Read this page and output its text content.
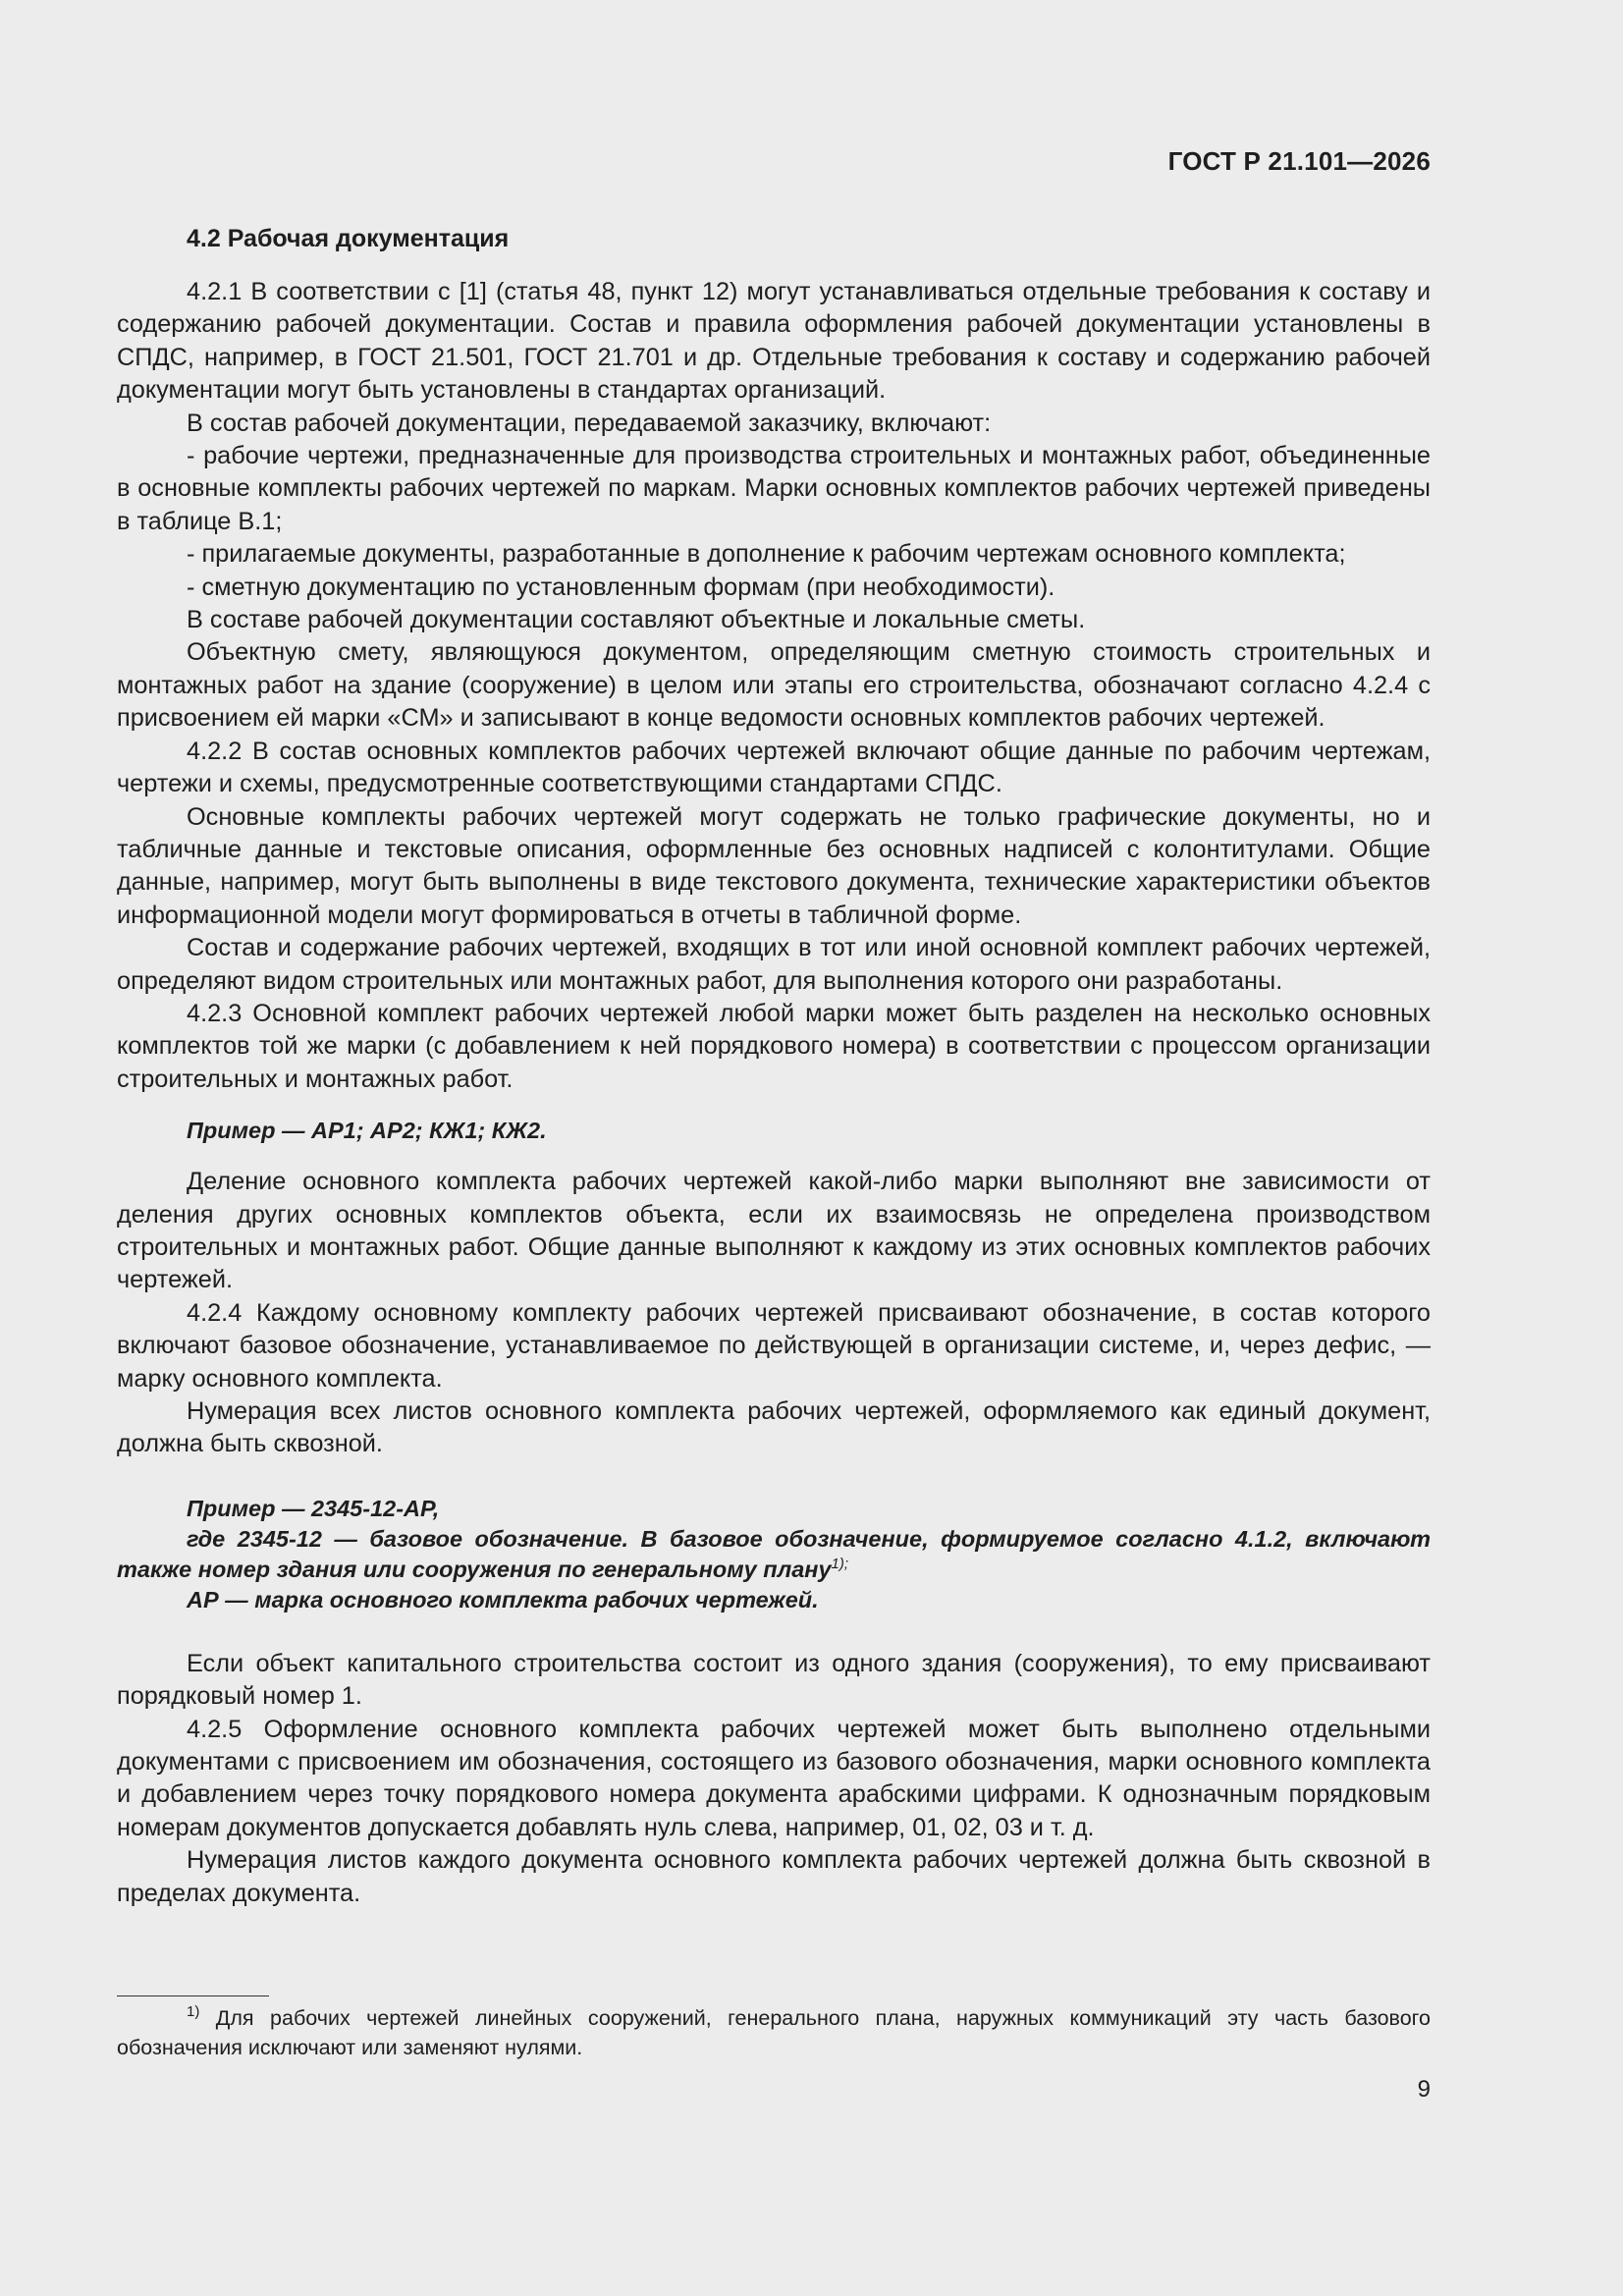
ГОСТ Р 21.101—2026
4.2 Рабочая документация

4.2.1 В соответствии с [1] (статья 48, пункт 12) могут устанавливаться отдельные требования к составу и содержанию рабочей документации. Состав и правила оформления рабочей документации установлены в СПДС, например, в ГОСТ 21.501, ГОСТ 21.701 и др. Отдельные требования к составу и содержанию рабочей документации могут быть установлены в стандартах организаций.

В состав рабочей документации, передаваемой заказчику, включают:

- рабочие чертежи, предназначенные для производства строительных и монтажных работ, объединенные в основные комплекты рабочих чертежей по маркам. Марки основных комплектов рабочих чертежей приведены в таблице В.1;

- прилагаемые документы, разработанные в дополнение к рабочим чертежам основного комплекта;

- сметную документацию по установленным формам (при необходимости).

В составе рабочей документации составляют объектные и локальные сметы.

Объектную смету, являющуюся документом, определяющим сметную стоимость строительных и монтажных работ на здание (сооружение) в целом или этапы его строительства, обозначают согласно 4.2.4 с присвоением ей марки «СМ» и записывают в конце ведомости основных комплектов рабочих чертежей.

4.2.2 В состав основных комплектов рабочих чертежей включают общие данные по рабочим чертежам, чертежи и схемы, предусмотренные соответствующими стандартами СПДС.

Основные комплекты рабочих чертежей могут содержать не только графические документы, но и табличные данные и текстовые описания, оформленные без основных надписей с колонтитулами. Общие данные, например, могут быть выполнены в виде текстового документа, технические характеристики объектов информационной модели могут формироваться в отчеты в табличной форме.

Состав и содержание рабочих чертежей, входящих в тот или иной основной комплект рабочих чертежей, определяют видом строительных или монтажных работ, для выполнения которого они разработаны.

4.2.3 Основной комплект рабочих чертежей любой марки может быть разделен на несколько основных комплектов той же марки (с добавлением к ней порядкового номера) в соответствии с процессом организации строительных и монтажных работ.

Пример — АР1; АР2; КЖ1; КЖ2.

Деление основного комплекта рабочих чертежей какой-либо марки выполняют вне зависимости от деления других основных комплектов объекта, если их взаимосвязь не определена производством строительных и монтажных работ. Общие данные выполняют к каждому из этих основных комплектов рабочих чертежей.

4.2.4 Каждому основному комплекту рабочих чертежей присваивают обозначение, в состав которого включают базовое обозначение, устанавливаемое по действующей в организации системе, и, через дефис, — марку основного комплекта.

Нумерация всех листов основного комплекта рабочих чертежей, оформляемого как единый документ, должна быть сквозной.

Пример — 2345-12-АР,

где 2345-12 — базовое обозначение. В базовое обозначение, формируемое согласно 4.1.2, включают также номер здания или сооружения по генеральному плану$^{1);}$

АР — марка основного комплекта рабочих чертежей.

Если объект капитального строительства состоит из одного здания (сооружения), то ему присваивают порядковый номер 1.

4.2.5 Оформление основного комплекта рабочих чертежей может быть выполнено отдельными документами с присвоением им обозначения, состоящего из базового обозначения, марки основного комплекта и добавлением через точку порядкового номера документа арабскими цифрами. К однозначным порядковым номерам документов допускается добавлять нуль слева, например, 01, 02, 03 и т. д.

Нумерация листов каждого документа основного комплекта рабочих чертежей должна быть сквозной в пределах документа.

$^{1)}$ Для рабочих чертежей линейных сооружений, генерального плана, наружных коммуникаций эту часть базового обозначения исключают или заменяют нулями.
9
